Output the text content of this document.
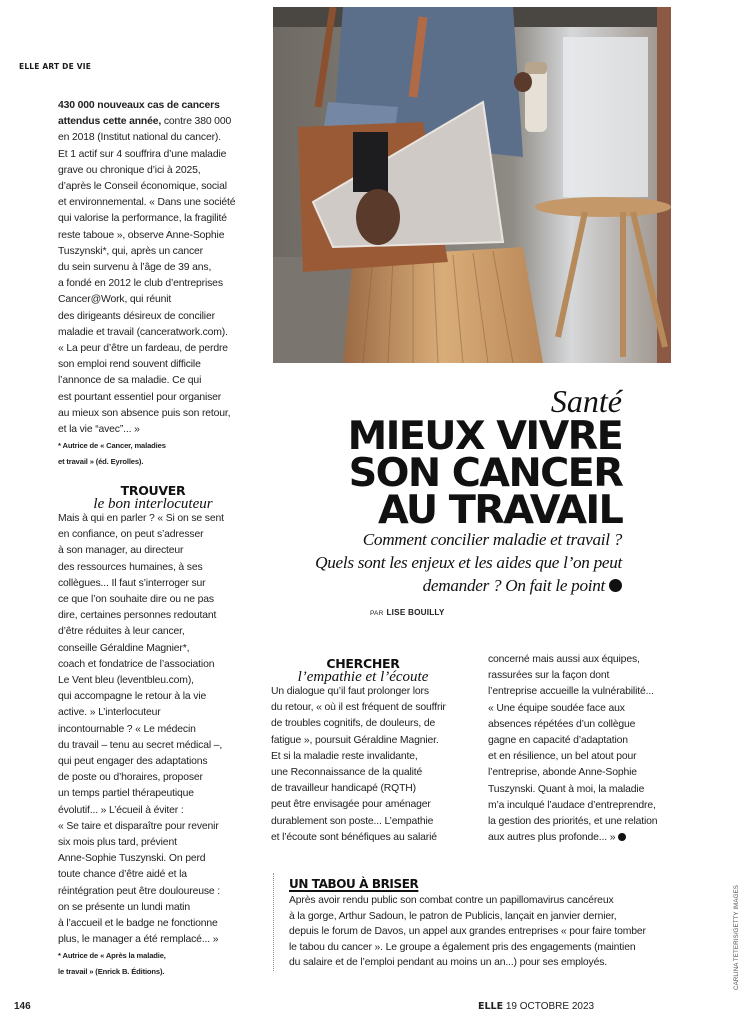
ELLE ART DE VIE
430 000 nouveaux cas de cancers
attendus cette année, contre 380 000
en 2018 (Institut national du cancer).
Et 1 actif sur 4 souffrira d’une maladie
grave ou chronique d’ici à 2025,
d’après le Conseil économique, social
et environnemental. « Dans une société
qui valorise la performance, la fragilité
reste taboue », observe Anne-Sophie
Tuszynski*, qui, après un cancer
du sein survenu à l’âge de 39 ans,
a fondé en 2012 le club d’entreprises
Cancer@Work, qui réunit
des dirigeants désireux de concilier
maladie et travail (canceratwork.com).
« La peur d’être un fardeau, de perdre
son emploi rend souvent difficile
l’annonce de sa maladie. Ce qui
est pourtant essentiel pour organiser
au mieux son absence puis son retour,
et la vie “avec”... »
* Autrice de « Cancer, maladies
et travail » (éd. Eyrolles).
TROUVER
le bon interlocuteur
Mais à qui en parler ? « Si on se sent
en confiance, on peut s’adresser
à son manager, au directeur
des ressources humaines, à ses
collègues... Il faut s’interroger sur
ce que l’on souhaite dire ou ne pas
dire, certaines personnes redoutant
d’être réduites à leur cancer,
conseille Géraldine Magnier*,
coach et fondatrice de l’association
Le Vent bleu (leventbleu.com),
qui accompagne le retour à la vie
active. » L’interlocuteur
incontournable ? « Le médecin
du travail – tenu au secret médical –,
qui peut engager des adaptations
de poste ou d’horaires, proposer
un temps partiel thérapeutique
évolutif... » L’écueil à éviter :
« Se taire et disparaître pour revenir
six mois plus tard, prévient
Anne-Sophie Tuszynski. On perd
toute chance d’être aidé et la
réintégration peut être douloureuse :
on se présente un lundi matin
à l’accueil et le badge ne fonctionne
plus, le manager a été remplacé... »
* Autrice de « Après la maladie,
le travail » (Enrick B. Éditions).
Santé
MIEUX VIVRE
SON CANCER
AU TRAVAIL
Comment concilier maladie et travail ?
Quels sont les enjeux et les aides que l’on peut
demander ? On fait le point
PAR LISE BOUILLY
CHERCHER
l’empathie et l’écoute
Un dialogue qu’il faut prolonger lors
du retour, « où il est fréquent de souffrir
de troubles cognitifs, de douleurs, de
fatigue », poursuit Géraldine Magnier.
Et si la maladie reste invalidante,
une Reconnaissance de la qualité
de travailleur handicapé (RQTH)
peut être envisagée pour aménager
durablement son poste... L’empathie
et l’écoute sont bénéfiques au salarié
concerné mais aussi aux équipes,
rassurées sur la façon dont
l’entreprise accueille la vulnérabilité...
« Une équipe soudée face aux
absences répétées d’un collègue
gagne en capacité d’adaptation
et en résilience, un bel atout pour
l’entreprise, abonde Anne-Sophie
Tuszynski. Quant à moi, la maladie
m’a inculqué l’audace d’entreprendre,
la gestion des priorités, et une relation
aux autres plus profonde... »
UN TABOU À BRISER
Après avoir rendu public son combat contre un papillomavirus cancéreux
à la gorge, Arthur Sadoun, le patron de Publicis, lançait en janvier dernier,
depuis le forum de Davos, un appel aux grandes entreprises « pour faire tomber
le tabou du cancer ». Le groupe a également pris des engagements (maintien
du salaire et de l’emploi pendant au moins un an...) pour ses employés.	CARLINA TETERIS/GETTY IMAGES
146	ELLE 19 OCTOBRE 2023
